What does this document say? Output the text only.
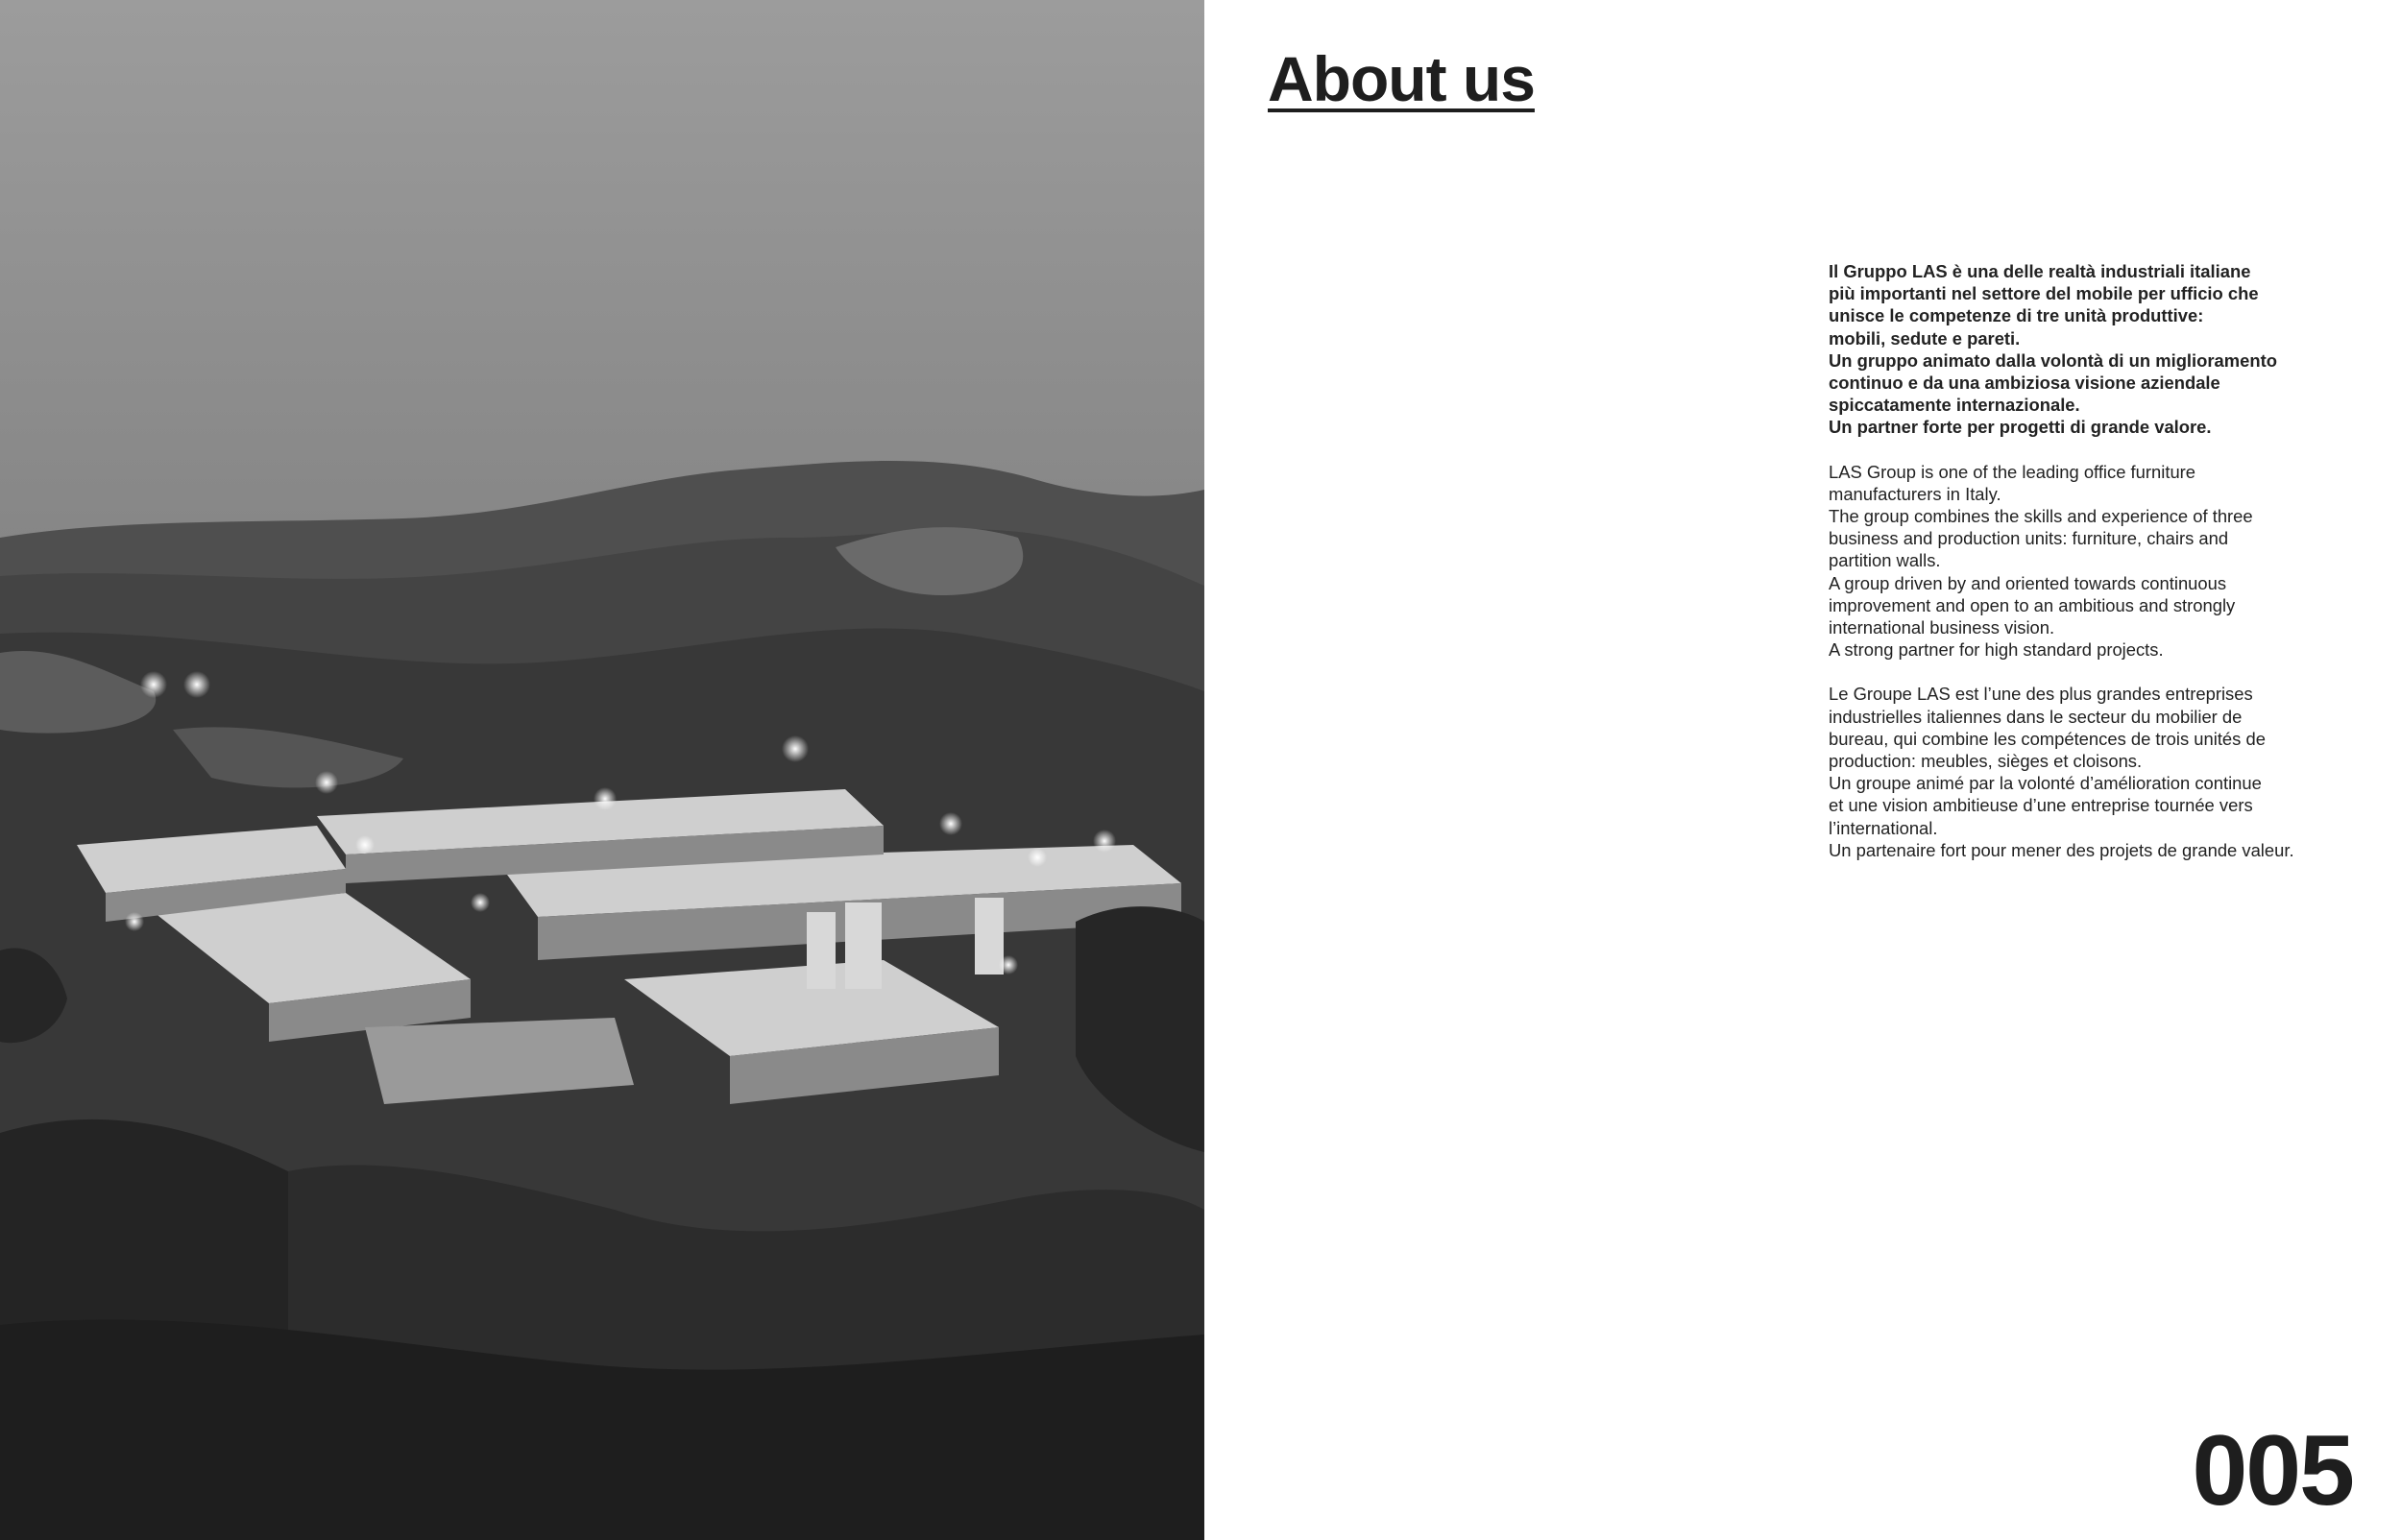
About us

Il Gruppo LAS è una delle realtà industriali italiane
più importanti nel settore del mobile per ufficio che
unisce le competenze di tre unità produttive:
mobili, sedute e pareti.
Un gruppo animato dalla volontà di un miglioramento
continuo e da una ambiziosa visione aziendale
spiccatamente internazionale.
Un partner forte per progetti di grande valore.

LAS Group is one of the leading office furniture
manufacturers in Italy.
The group combines the skills and experience of three
business and production units: furniture, chairs and
partition walls.
A group driven by and oriented towards continuous
improvement and open to an ambitious and strongly
international business vision.
A strong partner for high standard projects.

Le Groupe LAS est l’une des plus grandes entreprises
industrielles italiennes dans le secteur du mobilier de
bureau, qui combine les compétences de trois unités de
production: meubles, sièges et cloisons.
Un groupe animé par la volonté d’amélioration continue
et une vision ambitieuse d’une entreprise tournée vers
l’international.
Un partenaire fort pour mener des projets de grande valeur.

005
